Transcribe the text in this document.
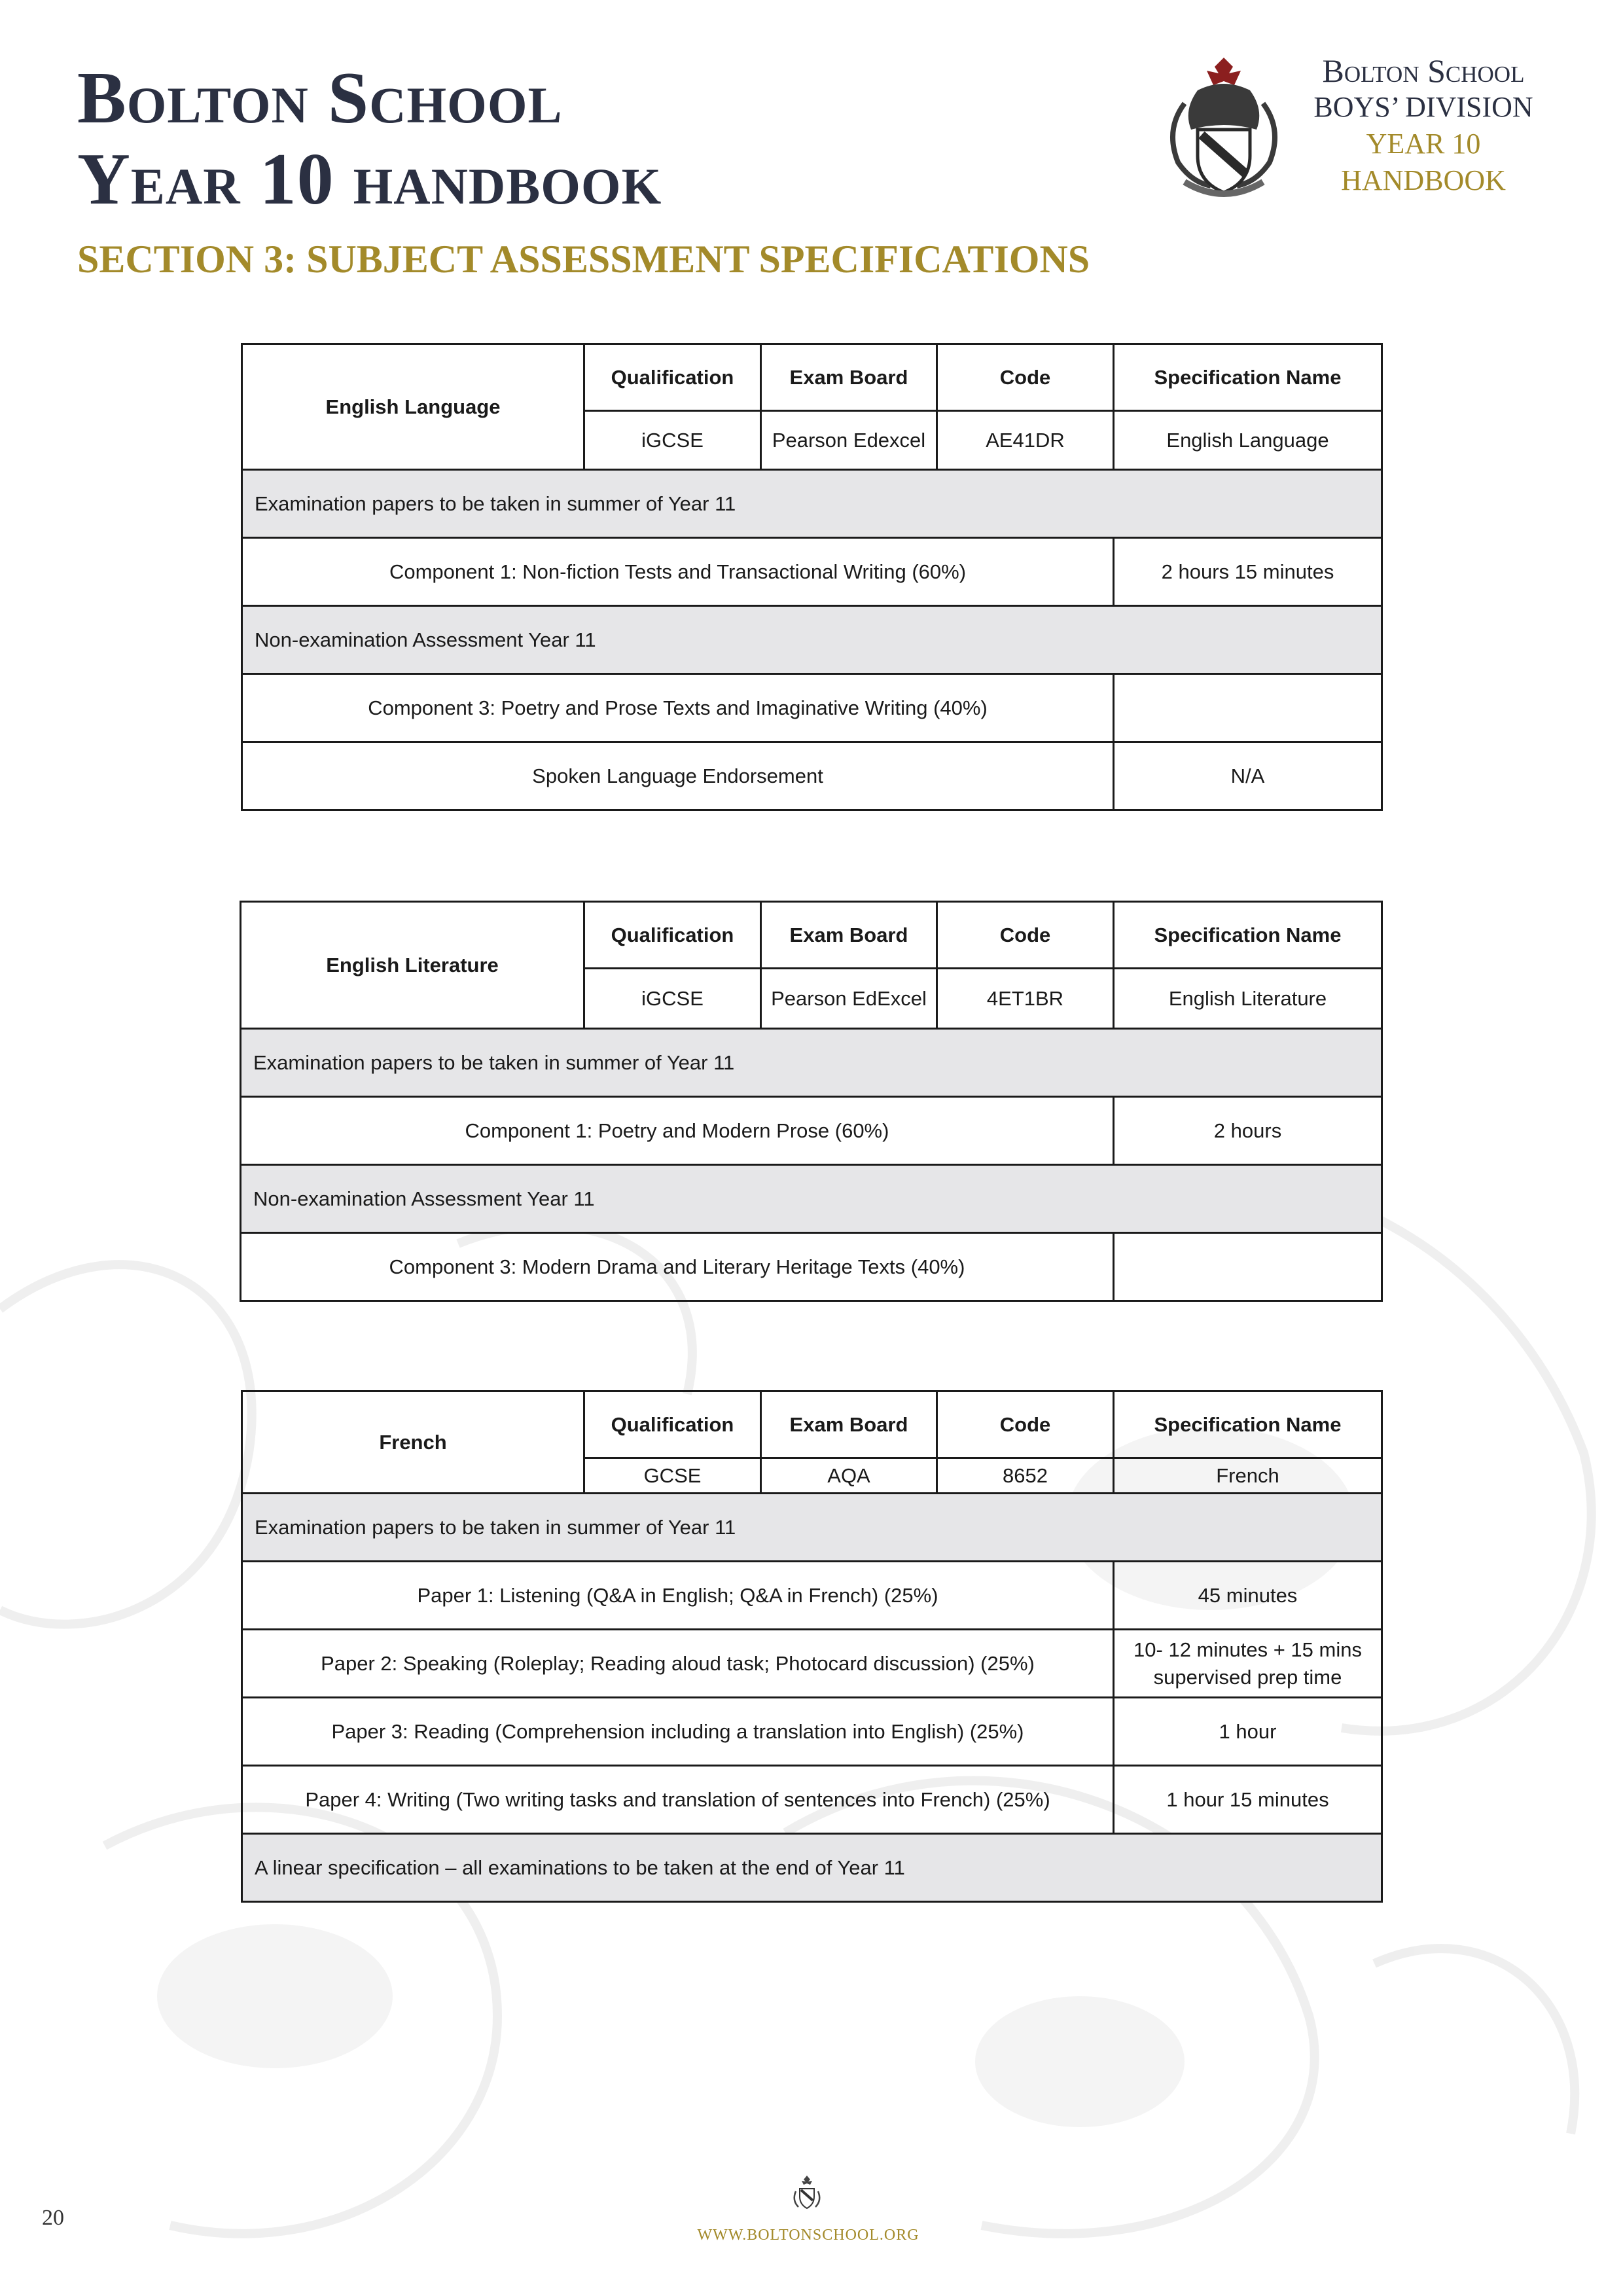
Bolton School
Year 10 handbook
SECTION 3: SUBJECT ASSESSMENT SPECIFICATIONS
Bolton School
BOYS’ DIVISION
YEAR 10
HANDBOOK
English Language	Qualification	Exam Board	Code	Specification Name
	iGCSE	Pearson Edexcel	AE41DR	English Language
Examination papers to be taken in summer of Year 11				
Component 1: Non-fiction Tests and Transactional Writing (60%)				2 hours 15 minutes
Non-examination Assessment Year 11				
Component 3: Poetry and Prose Texts and Imaginative Writing (40%)				
Spoken Language Endorsement				N/A
English Literature	Qualification	Exam Board	Code	Specification Name
	iGCSE	Pearson EdExcel	4ET1BR	English Literature
Examination papers to be taken in summer of Year 11				
Component 1: Poetry and Modern Prose (60%)				2 hours
Non-examination Assessment Year 11				
Component 3: Modern Drama and Literary Heritage Texts (40%)				
French	Qualification	Exam Board	Code	Specification Name
	GCSE	AQA	8652	French
Examination papers to be taken in summer of Year 11				
Paper 1: Listening (Q&A in English; Q&A in French) (25%)				45 minutes
Paper 2: Speaking (Roleplay; Reading aloud task; Photocard discussion) (25%)				10- 12 minutes + 15 mins supervised prep time
Paper 3: Reading (Comprehension including a translation into English) (25%)				1 hour
Paper 4: Writing (Two writing tasks and translation of sentences into French) (25%)				1 hour 15 minutes
A linear specification – all examinations to be taken at the end of Year 11				
20
WWW.BOLTONSCHOOL.ORG
